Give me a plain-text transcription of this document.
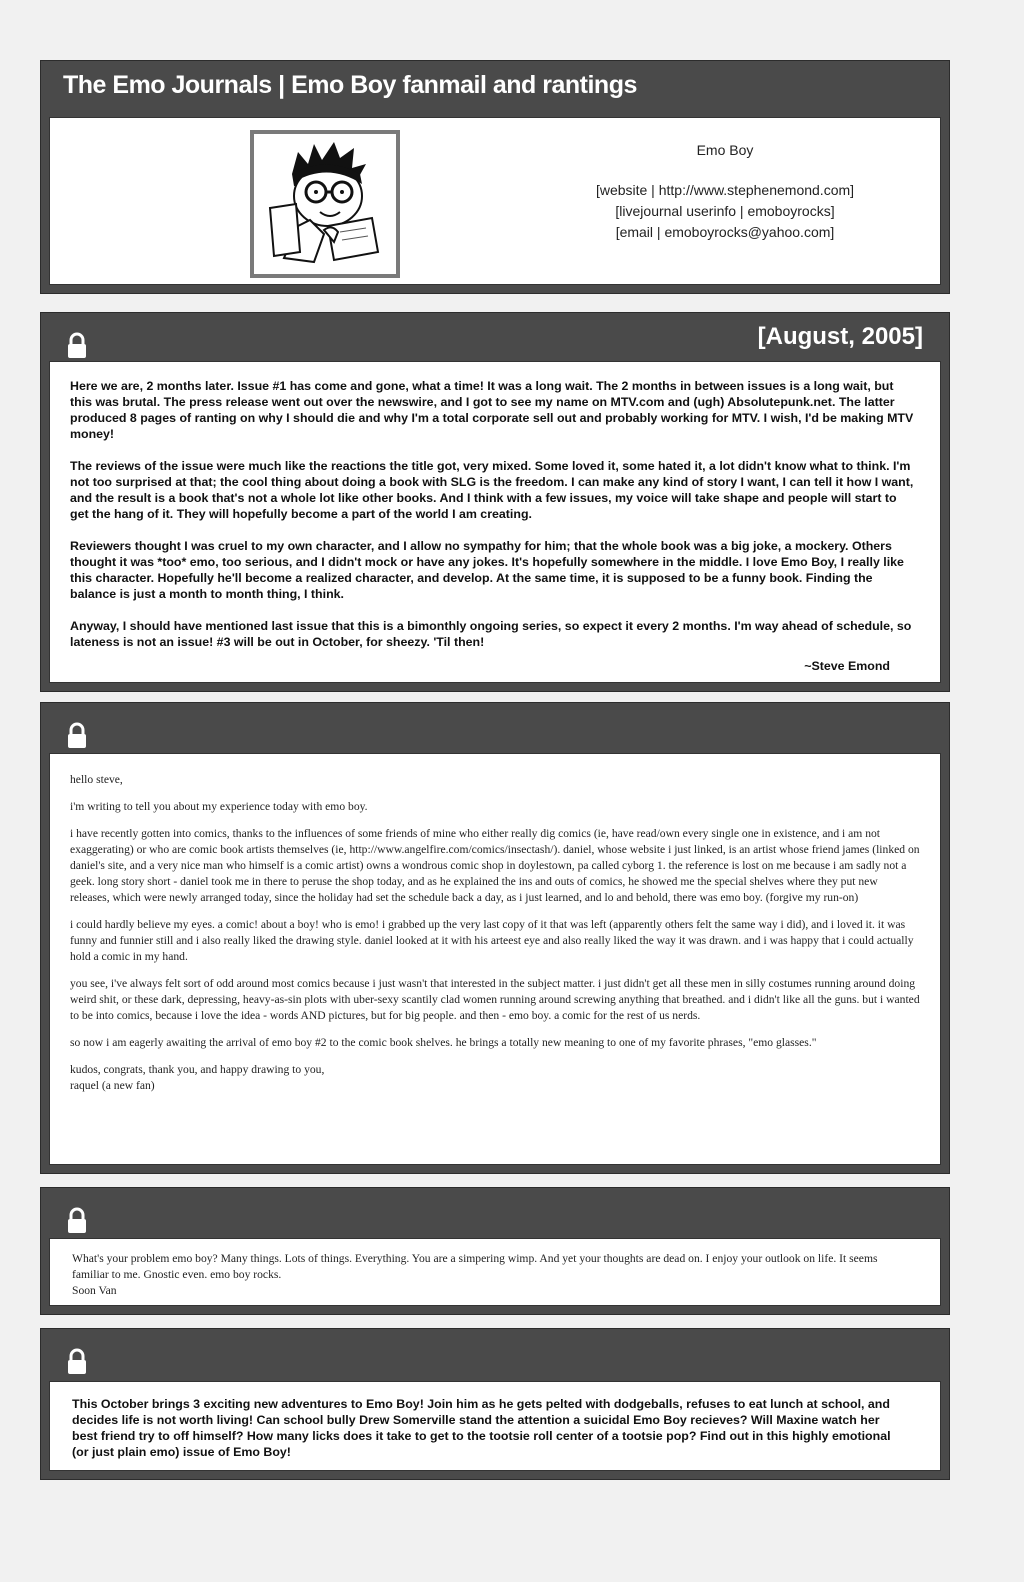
The Emo Journals | Emo Boy fanmail and rantings
Emo Boy
[website | http://www.stephenemond.com]
[livejournal userinfo | emoboyrocks]
[email | emoboyrocks@yahoo.com]
[August, 2005]

Here we are, 2 months later. Issue #1 has come and gone, what a time! It was a long wait. The 2 months in between issues is a long wait, but this was brutal. The press release went out over the newswire, and I got to see my name on MTV.com and (ugh) Absolutepunk.net. The latter produced 8 pages of ranting on why I should die and why I'm a total corporate sell out and probably working for MTV. I wish, I'd be making MTV money!

The reviews of the issue were much like the reactions the title got, very mixed. Some loved it, some hated it, a lot didn't know what to think. I'm not too surprised at that; the cool thing about doing a book with SLG is the freedom. I can make any kind of story I want, I can tell it how I want, and the result is a book that's not a whole lot like other books. And I think with a few issues, my voice will take shape and people will start to get the hang of it. They will hopefully become a part of the world I am creating.

Reviewers thought I was cruel to my own character, and I allow no sympathy for him; that the whole book was a big joke, a mockery. Others thought it was *too* emo, too serious, and I didn't mock or have any jokes. It's hopefully somewhere in the middle. I love Emo Boy, I really like this character. Hopefully he'll become a realized character, and develop. At the same time, it is supposed to be a funny book. Finding the balance is just a month to month thing, I think.

Anyway, I should have mentioned last issue that this is a bimonthly ongoing series, so expect it every 2 months. I'm way ahead of schedule, so lateness is not an issue! #3 will be out in October, for sheezy. 'Til then!

~Steve Emond

hello steve,

i'm writing to tell you about my experience today with emo boy.

i have recently gotten into comics, thanks to the influences of some friends of mine who either really dig comics (ie, have read/own every single one in existence, and i am not exaggerating) or who are comic book artists themselves (ie, http://www.angelfire.com/comics/insectash/). daniel, whose website i just linked, is an artist whose friend james (linked on daniel's site, and a very nice man who himself is a comic artist) owns a wondrous comic shop in doylestown, pa called cyborg 1. the reference is lost on me because i am sadly not a geek. long story short - daniel took me in there to peruse the shop today, and as he explained the ins and outs of comics, he showed me the special shelves where they put new releases, which were newly arranged today, since the holiday had set the schedule back a day, as i just learned, and lo and behold, there was emo boy. (forgive my run-on)

i could hardly believe my eyes. a comic! about a boy! who is emo! i grabbed up the very last copy of it that was left (apparently others felt the same way i did), and i loved it. it was funny and funnier still and i also really liked the drawing style. daniel looked at it with his arteest eye and also really liked the way it was drawn. and i was happy that i could actually hold a comic in my hand.

you see, i've always felt sort of odd around most comics because i just wasn't that interested in the subject matter. i just didn't get all these men in silly costumes running around doing weird shit, or these dark, depressing, heavy-as-sin plots with uber-sexy scantily clad women running around screwing anything that breathed. and i didn't like all the guns. but i wanted to be into comics, because i love the idea - words AND pictures, but for big people. and then - emo boy. a comic for the rest of us nerds.

so now i am eagerly awaiting the arrival of emo boy #2 to the comic book shelves. he brings a totally new meaning to one of my favorite phrases, "emo glasses."

kudos, congrats, thank you, and happy drawing to you,
raquel (a new fan)
What's your problem emo boy? Many things. Lots of things. Everything. You are a simpering wimp. And yet your thoughts are dead on. I enjoy your outlook on life. It seems familiar to me. Gnostic even. emo boy rocks.
Soon Van
This October brings 3 exciting new adventures to Emo Boy! Join him as he gets pelted with dodgeballs, refuses to eat lunch at school, and decides life is not worth living! Can school bully Drew Somerville stand the attention a suicidal Emo Boy recieves? Will Maxine watch her best friend try to off himself? How many licks does it take to get to the tootsie roll center of a tootsie pop? Find out in this highly emotional (or just plain emo) issue of Emo Boy!
